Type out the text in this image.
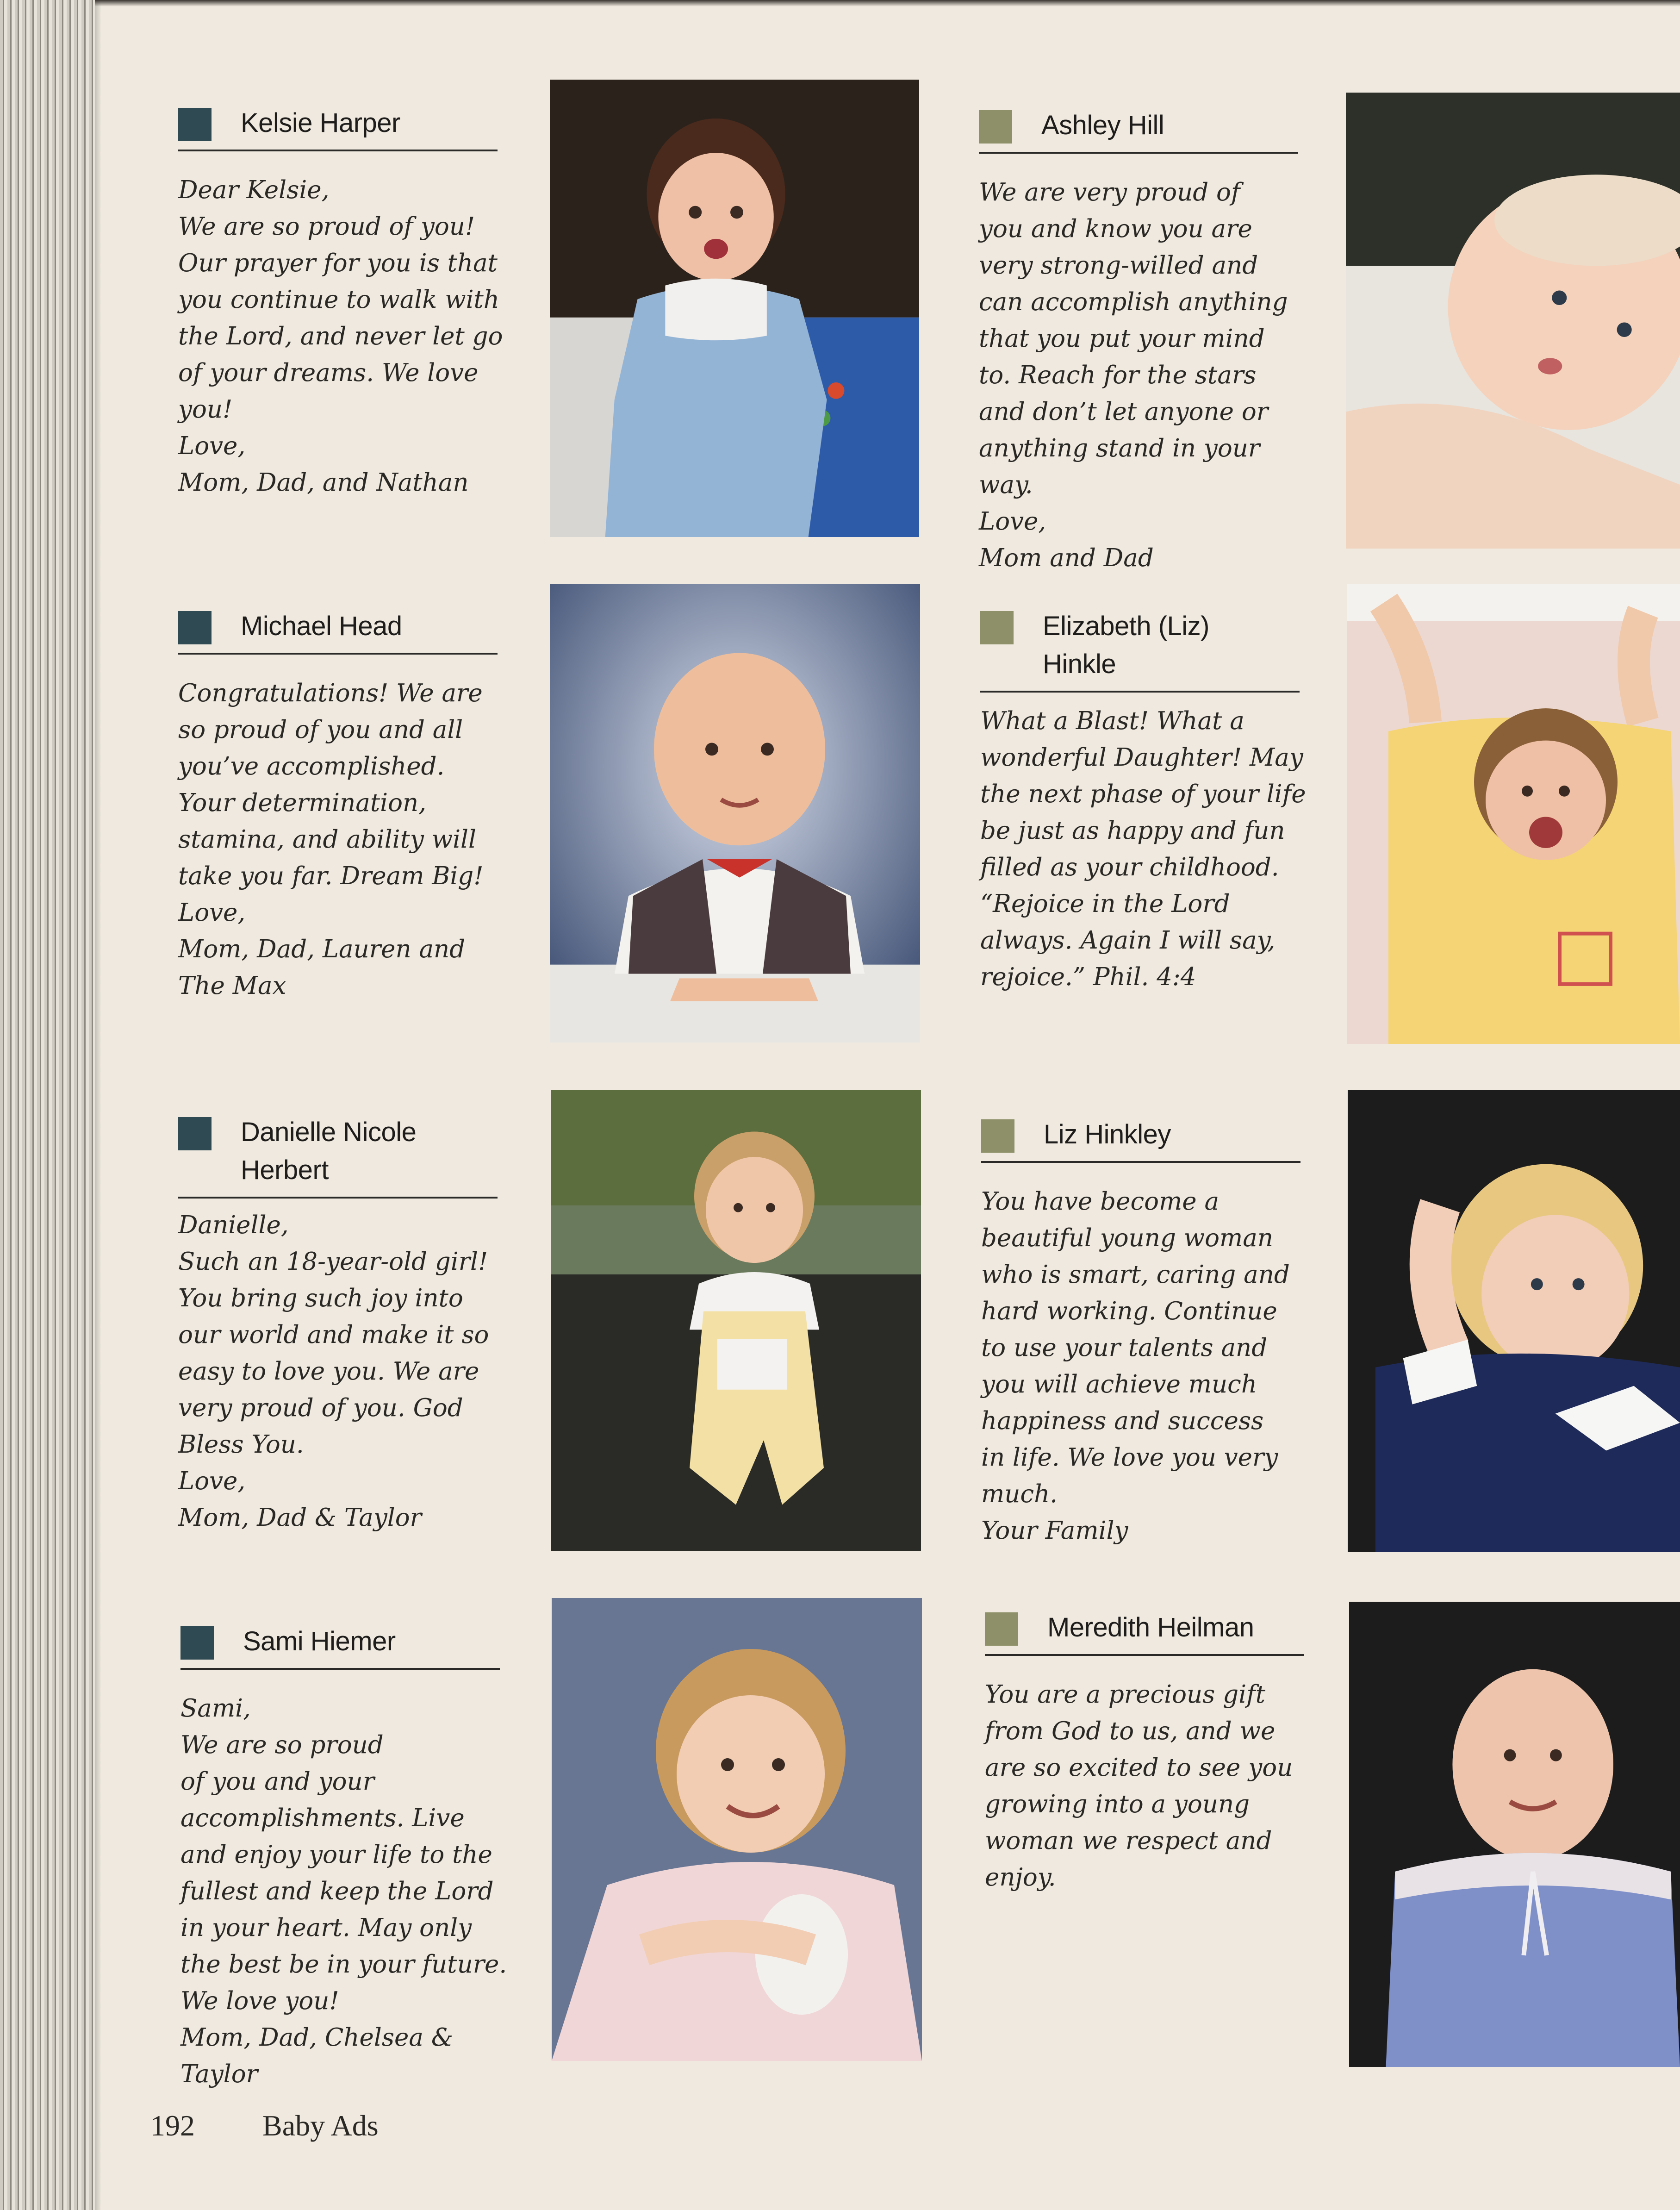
Kelsie Harper

Dear Kelsie,
We are so proud of you!
Our prayer for you is that
you continue to walk with
the Lord, and never let go
of your dreams. We love
you!
Love,
Mom, Dad, and Nathan

Michael Head

Congratulations! We are
so proud of you and all
you’ve accomplished.
Your determination,
stamina, and ability will
take you far. Dream Big!
Love,
Mom, Dad, Lauren and
The Max

Danielle Nicole
Herbert

Danielle,
Such an 18-year-old girl!
You bring such joy into
our world and make it so
easy to love you. We are
very proud of you. God
Bless You.
Love,
Mom, Dad & Taylor

Sami Hiemer

Sami,
We are so proud
of you and your
accomplishments. Live
and enjoy your life to the
fullest and keep the Lord
in your heart. May only
the best be in your future.
We love you!
Mom, Dad, Chelsea &
Taylor

Ashley Hill

We are very proud of
you and know you are
very strong-willed and
can accomplish anything
that you put your mind
to. Reach for the stars
and don’t let anyone or
anything stand in your
way.
Love,
Mom and Dad

Elizabeth (Liz)
Hinkle

What a Blast! What a
wonderful Daughter! May
the next phase of your life
be just as happy and fun
filled as your childhood.
“Rejoice in the Lord
always. Again I will say,
rejoice.” Phil. 4:4

Liz Hinkley

You have become a
beautiful young woman
who is smart, caring and
hard working. Continue
to use your talents and
you will achieve much
happiness and success
in life. We love you very
much.
Your Family

Meredith Heilman

You are a precious gift
from God to us, and we
are so excited to see you
growing into a young
woman we respect and
enjoy.

192 Baby Ads
